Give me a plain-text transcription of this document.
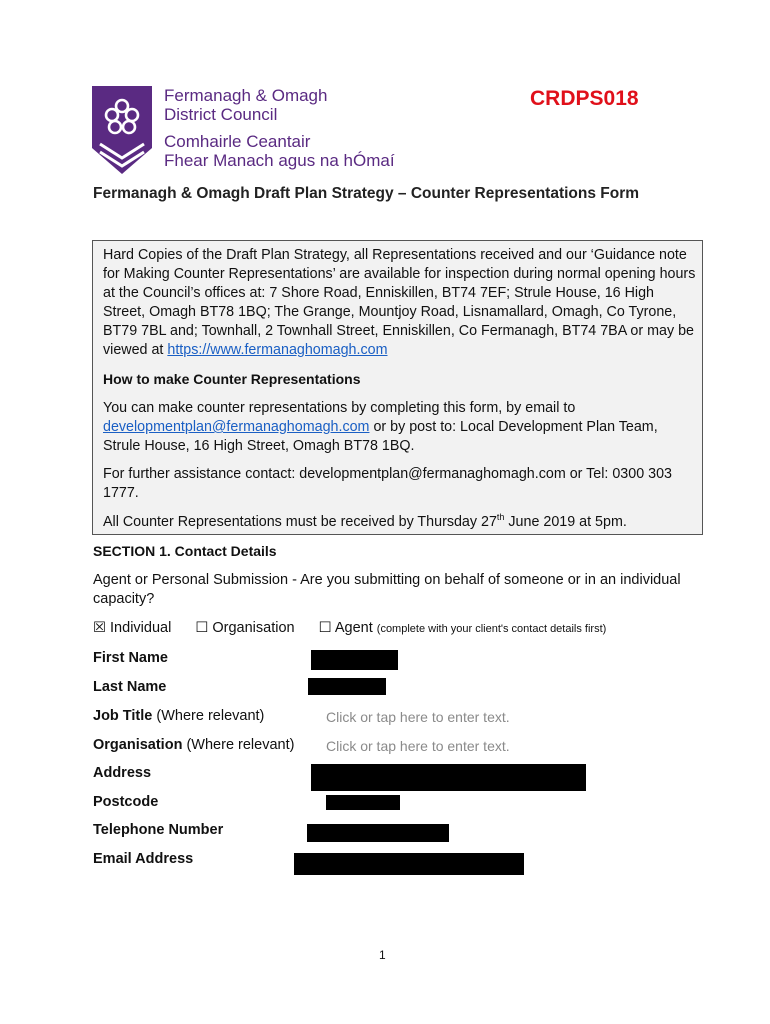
Fermanagh & Omagh
District Council
Comhairle Ceantair
Fhear Manach agus na hÓmaí
CRDPS018
Fermanagh & Omagh Draft Plan Strategy – Counter Representations Form

Hard Copies of the Draft Plan Strategy, all Representations received and our ‘Guidance note for Making Counter Representations’ are available for inspection during normal opening hours at the Council’s offices at: 7 Shore Road, Enniskillen, BT74 7EF; Strule House, 16 High Street, Omagh BT78 1BQ; The Grange, Mountjoy Road, Lisnamallard, Omagh, Co Tyrone, BT79 7BL and; Townhall, 2 Townhall Street, Enniskillen, Co Fermanagh, BT74 7BA or may be viewed at https://www.fermanaghomagh.com

How to make Counter Representations

You can make counter representations by completing this form, by email to developmentplan@fermanaghomagh.com or by post to: Local Development Plan Team, Strule House, 16 High Street, Omagh BT78 1BQ.

For further assistance contact: developmentplan@fermanaghomagh.com or Tel: 0300 303 1777.

All Counter Representations must be received by Thursday 27th June 2019 at 5pm.

SECTION 1. Contact Details
Agent or Personal Submission - Are you submitting on behalf of someone or in an individual capacity?
☒ Individual ☐ Organisation ☐ Agent (complete with your client's contact details first)
First Name
Last Name
Job Title (Where relevant)	Click or tap here to enter text.
Organisation (Where relevant) Click or tap here to enter text.
Address
Postcode
Telephone Number
Email Address
1
